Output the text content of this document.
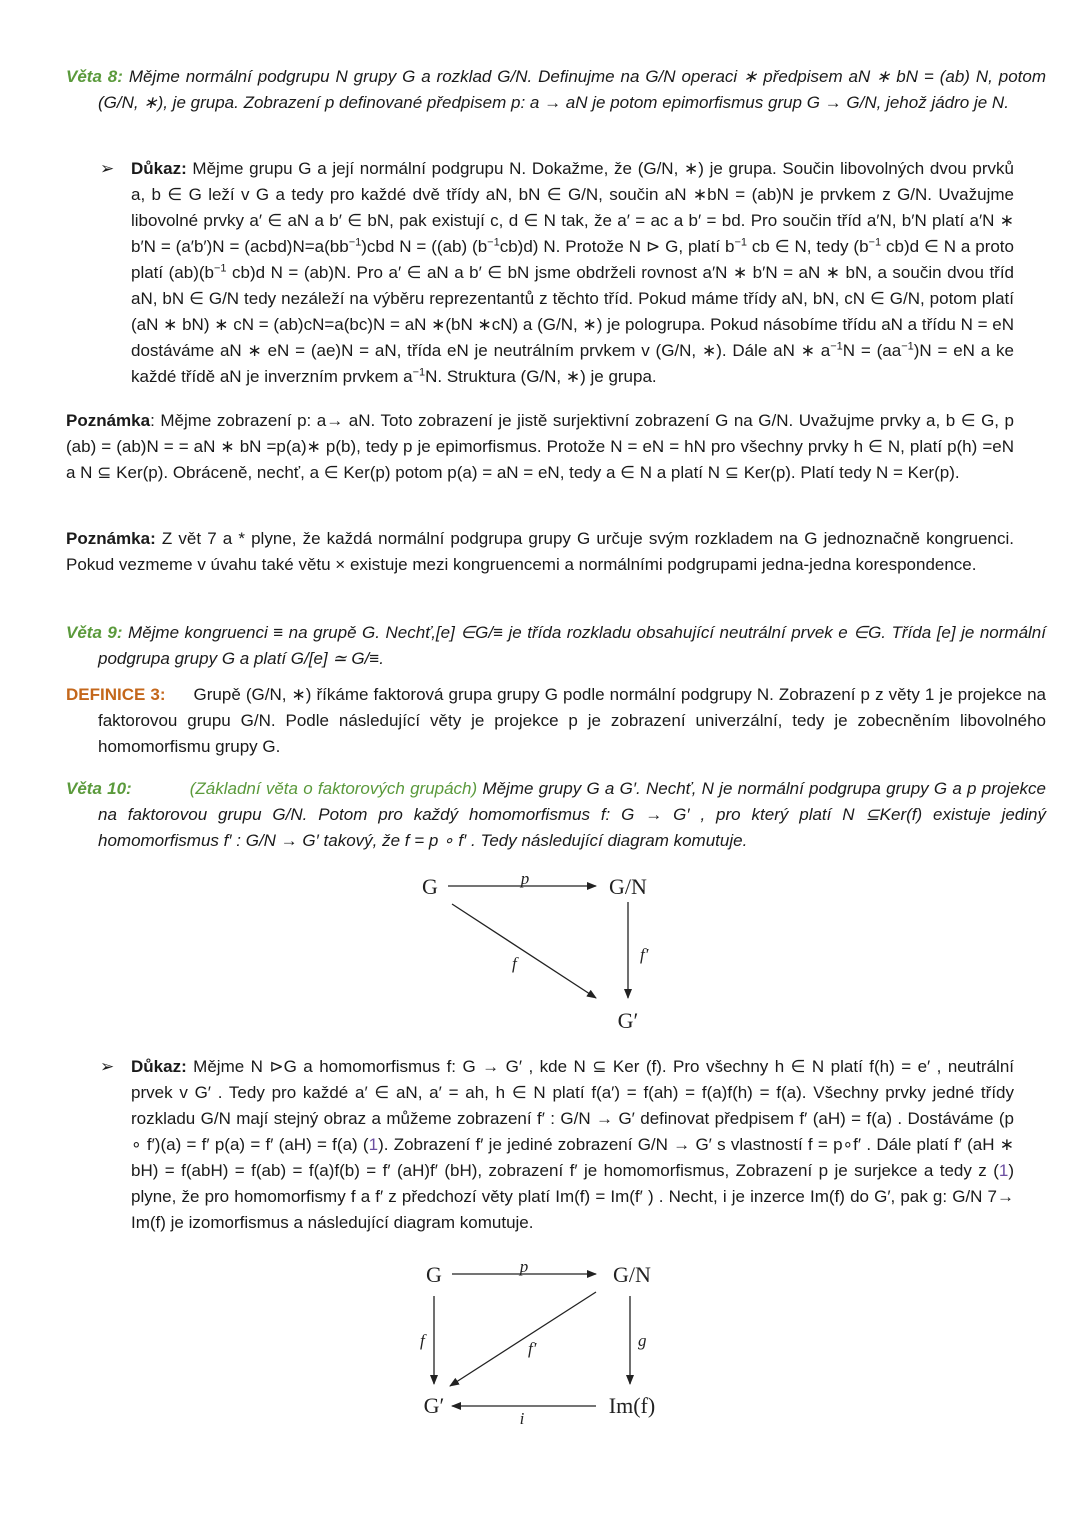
Věta 8: Mějme normální podgrupu N grupy G a rozklad G/N. Definujme na G/N operaci ∗ předpisem aN ∗ bN = (ab) N, potom (G/N, ∗), je grupa. Zobrazení p definované předpisem p: a → aN je potom epimorfismus grup G → G/N, jehož jádro je N.
➢ Důkaz: Mějme grupu G a její normální podgrupu N. Dokažme, že (G/N, ∗) je grupa. Součin libovolných dvou prvků a, b ∈ G leží v G a tedy pro každé dvě třídy aN, bN ∈ G/N, součin aN ∗bN = (ab)N je prvkem z G/N. Uvažujme libovolné prvky a′ ∈ aN a b′ ∈ bN, pak existují c, d ∈ N tak, že a′ = ac a b′ = bd. Pro součin tříd a′N, b′N platí a′N ∗ $b'N = (a'b')N = (acbd)N=a(bb^{-1})cbd$ N = ((ab) $(b^{-1}cb)d$) N. Protože N ⊳ G, platí $b^{-1}$ cb ∈ N, tedy ($b^{-1}$ cb)d ∈ N a proto platí $(ab)(b^{-1}$ cb)d N = (ab)N. Pro a′ ∈ aN a b′ ∈ bN jsme obdrželi rovnost a′N ∗ b′N = aN ∗ bN, a součin dvou tříd aN, bN ∈ G/N tedy nezáleží na výběru reprezentantů z těchto tříd. Pokud máme třídy aN, bN, cN ∈ G/N, potom platí (aN ∗ bN) ∗ cN = (ab)cN=a(bc)N = aN ∗(bN ∗cN) a (G/N, ∗) je pologrupa. Pokud násobíme třídu aN a třídu N = eN dostáváme aN ∗ eN = (ae)N = aN, třída eN je neutrálním prvkem v (G/N, ∗). Dále aN ∗ $a^{-1}N = (aa^{-1})N$ = eN a ke každé třídě aN je inverzním prvkem $a^{-1}N$. Struktura (G/N, ∗) je grupa.
Poznámka: Mějme zobrazení p: a→ aN. Toto zobrazení je jistě surjektivní zobrazení G na G/N. Uvažujme prvky a, b ∈ G, p (ab) = (ab)N = = aN ∗ bN =p(a)∗ p(b), tedy p je epimorfismus. Protože N = eN = hN pro všechny prvky h ∈ N, platí p(h) =eN a N ⊆ Ker(p). Obráceně, nechť, a ∈ Ker(p) potom p(a) = aN = eN, tedy a ∈ N a platí N ⊆ Ker(p). Platí tedy N = Ker(p).
Poznámka: Z vět 7 a * plyne, že každá normální podgrupa grupy G určuje svým rozkladem na G jednoznačně kongruenci. Pokud vezmeme v úvahu také větu × existuje mezi kongruencemi a normálními podgrupami jedna-jedna korespondence.
Věta 9: Mějme kongruenci ≡ na grupě G. Nechť,[e] ∈G/≡ je třída rozkladu obsahující neutrální prvek e ∈G. Třída [e] je normální podgrupa grupy G a platí G/[e] ≃ G/≡.
DEFINICE 3: Grupě (G/N, ∗) říkáme faktorová grupa grupy G podle normální podgrupy N. Zobrazení p z věty 1 je projekce na faktorovou grupu G/N. Podle následující věty je projekce p je zobrazení univerzální, tedy je zobecněním libovolného homomorfismu grupy G.
Věta 10:	(Základní věta o faktorových grupách) Mějme grupy G a G′. Nechť, N je normální podgrupa grupy G a p projekce na faktorovou grupu G/N. Potom pro každý homomorfismus f: G → G′ , pro který platí N ⊆Ker(f) existuje jediný homomorfismus f′ : G/N → G′ takový, že f = p ∘ f′ . Tedy následující diagram komutuje.
G	G/N
G′
p
f′
f
➢ Důkaz: Mějme N ⊳G a homomorfismus f: G → G′ , kde N ⊆ Ker (f). Pro všechny h ∈ N platí f(h) = e′ , neutrální prvek v G′ . Tedy pro každé a′ ∈ aN, a′ = ah, h ∈ N platí f(a′) = f(ah) = f(a)f(h) = f(a). Všechny prvky jedné třídy rozkladu G/N mají stejný obraz a můžeme zobrazení f′ : G/N → G′ definovat předpisem f′ (aH) = f(a) . Dostáváme (p ∘ f′)(a) = f′ p(a) = f′ (aH) = f(a) (1). Zobrazení f′ je jediné zobrazení G/N → G′ s vlastností f = p∘f′ . Dále platí f′ (aH ∗ bH) = f(abH) = f(ab) = f(a)f(b) = f′ (aH)f′ (bH), zobrazení f′ je homomorfismus, Zobrazení p je surjekce a tedy z (1) plyne, že pro homomorfismy f a f′ z předchozí věty platí Im(f) = Im(f′ ) . Necht, i je inzerce Im(f) do G′, pak g: G/N 7→ Im(f) je izomorfismus a následující diagram komutuje.
G	G/N
G′	Im(f)
p
f	g
f′
i
